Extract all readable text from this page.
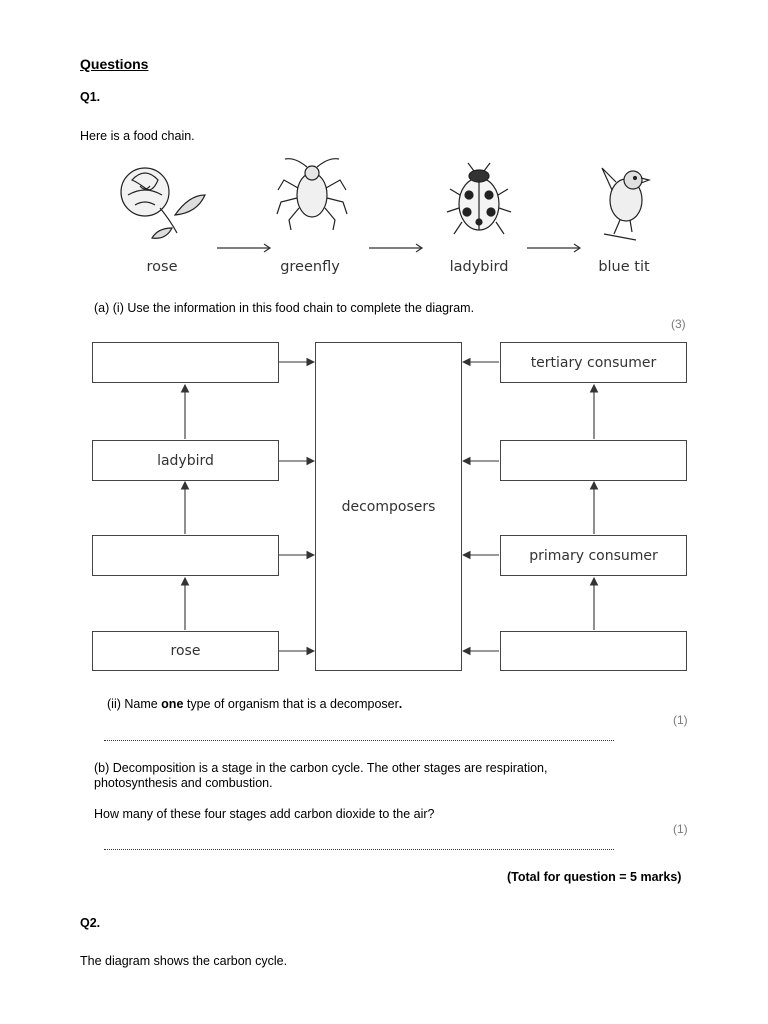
Questions
Q1.
Here is a food chain.
rose	greenfly	ladybird	blue tit
(a) (i) Use the information in this food chain to complete the diagram.
(3)
ladybird
rose
decomposers
tertiary consumer
primary consumer
(ii) Name one type of organism that is a decomposer.
(1)
(b) Decomposition is a stage in the carbon cycle. The other stages are respiration,
photosynthesis and combustion.
How many of these four stages add carbon dioxide to the air?
(1)
(Total for question = 5 marks)
Q2.
The diagram shows the carbon cycle.
